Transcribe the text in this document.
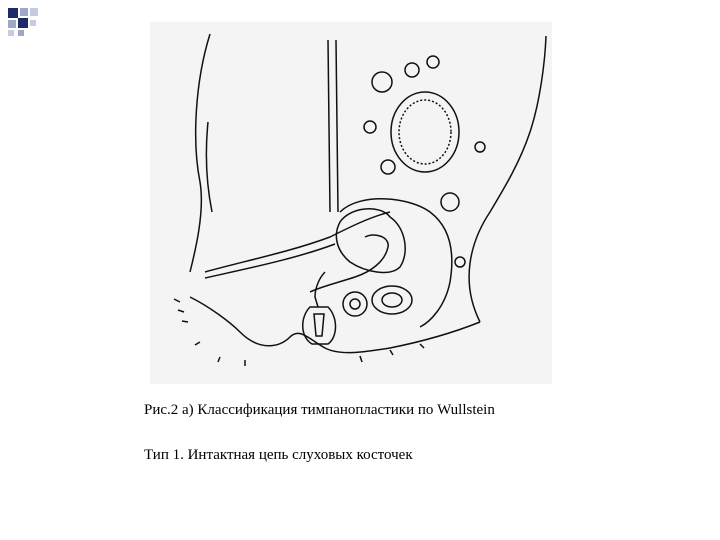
Рис.2 а) Классификация тимпанопластики по Wullstein
Тип 1. Интактная цепь слуховых косточек
